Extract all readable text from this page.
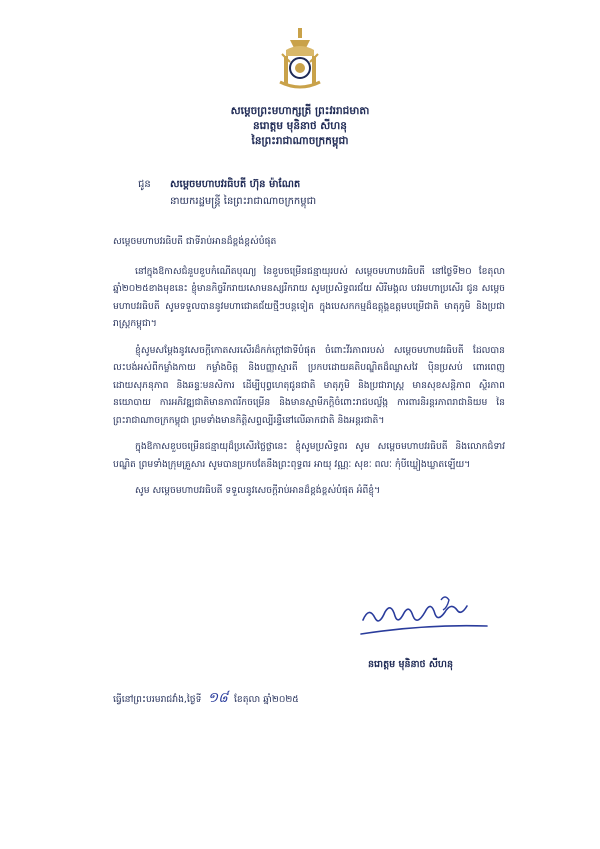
សម្ដេចព្រះមហាក្សត្រី ព្រះវររាជមាតា
នរោត្តម មុនិនាថ សីហនុ
នៃព្រះរាជាណាចក្រកម្ពុជា
ជូន	សម្ដេចមហាបវរធិបតី ហ៊ុន ម៉ាណែត
នាយករដ្ឋមន្ត្រី នៃព្រះរាជាណាចក្រកម្ពុជា

សម្ដេចមហាបវរធិបតី ជាទីរាប់អានដ៏ខ្ពង់ខ្ពស់បំផុត

នៅក្នុងឱកាសជំនួបខួបកំណើតបុណ្យ នៃខួបចម្រើនជន្មាយុរបស់ សម្ដេចមហាបវរធិបតី នៅថ្ងៃទី២០ ខែតុលា ឆ្នាំ២០២៥ខាងមុខនេះ ខ្ញុំមានកិច្ចរីករាយសោមនស្សរីករាយ សូមប្រសិទ្ធពរជ័យ សិរីមង្គល បវរមហាប្រសើរ ជូន សម្ដេចមហាបវរធិបតី សូមទទួលបាននូវមហាជោគជ័យថ្មីៗបន្តទៀត ក្នុងបេសកកម្មដ៏ឧត្ដុង្គឧត្ដមបម្រើជាតិ មាតុភូមិ និងប្រជារាស្ត្រកម្ពុជា។

ខ្ញុំសូមសម្ដែងនូវសេចក្ដីកោតសរសើរដ៏កក់ក្ដៅជាទីបំផុត ចំពោះវីរភាពរបស់ សម្ដេចមហាបវរធិបតី ដែលបានលះបង់អស់ពីកម្លាំងកាយ កម្លាំងចិត្ត និងបញ្ញាស្មារតី ប្រកបដោយគតិបណ្ឌិតដ៏ឈ្លាសវៃ ប៉ិនប្រសប់ ពោរពេញដោយសុភនុភាព និងឆន្ទៈមនសិការ ដើម្បីបុព្វហេតុជូនជាតិ មាតុភូមិ និងប្រជារាស្ត្រ មានសុខសន្តិភាព ស្ថិរភាពនយោបាយ ការអភិវឌ្ឍជាតិមានភាពរីកចម្រើន និងមានស្មាមីភក្ដិចំពោះរាជបល្ល័ង្ក ការពារនិរន្តរភាពរាជានិយម នៃព្រះរាជាណាចក្រកម្ពុជា ព្រមទាំងមានកិត្តិសព្ទល្បីរន្ទឺនៅលើឆាកជាតិ និងអន្តរជាតិ។

ក្នុងឱកាសខួបចម្រើនជន្មាយុដ៏ប្រសើរថ្លៃថ្លានេះ ខ្ញុំសូមប្រសិទ្ធពរ សូម សម្ដេចមហាបវរធិបតី និងលោកជំទាវបណ្ឌិត ព្រមទាំងក្រុមគ្រួសារ សូមបានប្រកបតែនឹងព្រះពុទ្ធពរ អាយុ វណ្ណៈ សុខៈ ពលៈ កុំបីឃ្លៀងឃ្លាតឡើយ។

សូម សម្ដេចមហាបវរធិបតី ទទួលនូវសេចក្ដីរាប់អានដ៏ខ្ពង់ខ្ពស់បំផុត អំពីខ្ញុំ។

នរោត្តម មុនិនាថ សីហនុ
ធ្វើនៅព្រះបរមរាជវាំង,ថ្ងៃទី ១៨ ខែតុលា ឆ្នាំ២០២៥
